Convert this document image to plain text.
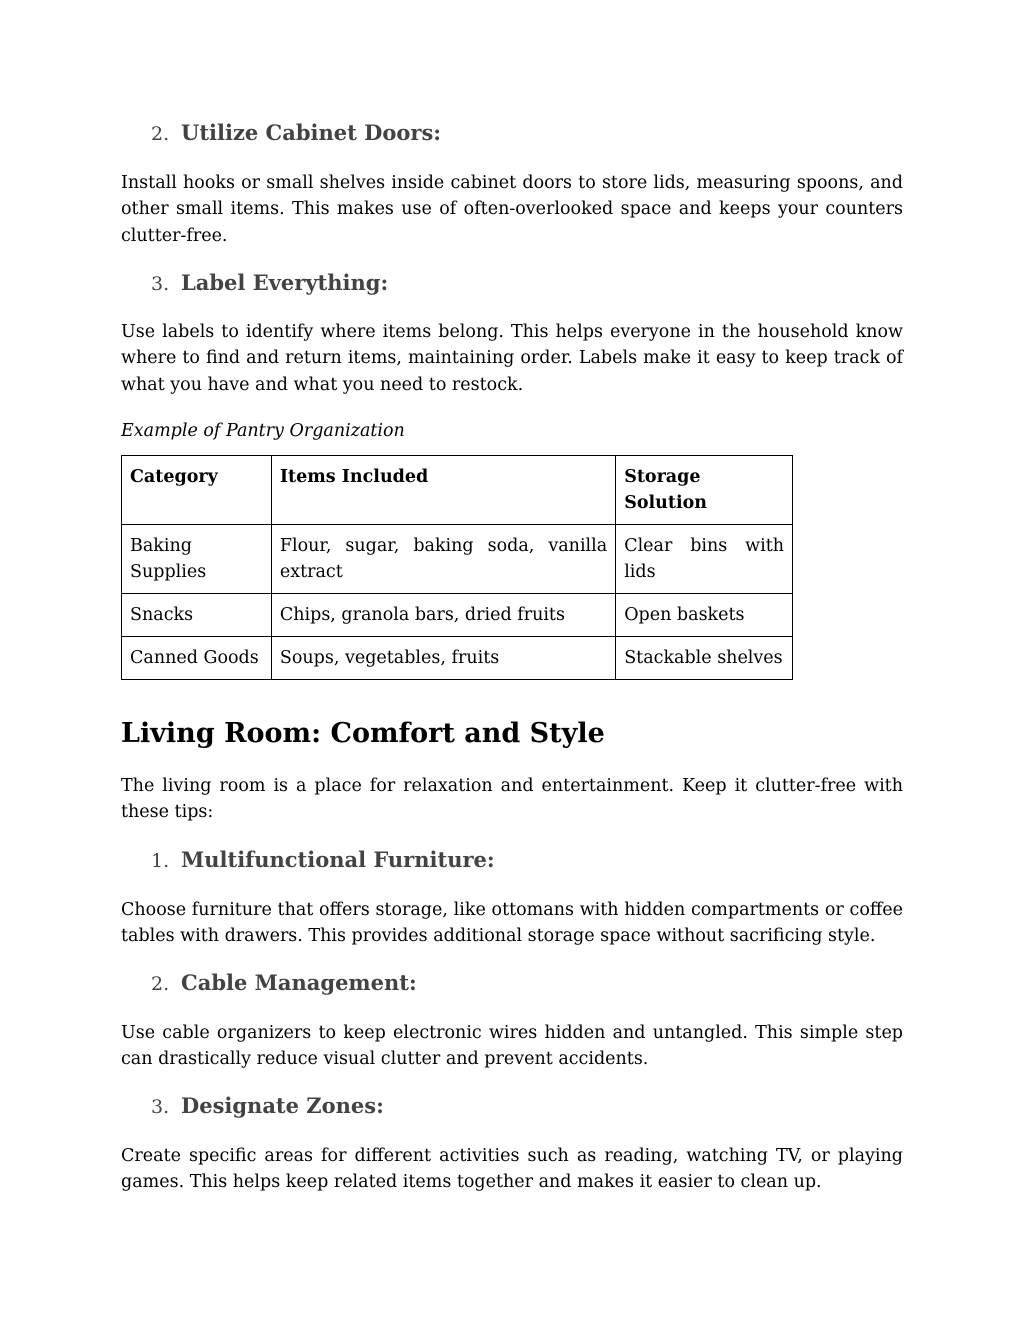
2. Utilize Cabinet Doors:
Install hooks or small shelves inside cabinet doors to store lids, measuring spoons, and other small items. This makes use of often-overlooked space and keeps your counters clutter-free.
3. Label Everything:
Use labels to identify where items belong. This helps everyone in the household know where to find and return items, maintaining order. Labels make it easy to keep track of what you have and what you need to restock.
Example of Pantry Organization
Category	Items Included	Storage Solution
Baking Supplies	Flour, sugar, baking soda, vanilla extract	Clear bins with lids
Snacks	Chips, granola bars, dried fruits	Open baskets
Canned Goods	Soups, vegetables, fruits	Stackable shelves
Living Room: Comfort and Style
The living room is a place for relaxation and entertainment. Keep it clutter-free with these tips:
1. Multifunctional Furniture:
Choose furniture that offers storage, like ottomans with hidden compartments or coffee tables with drawers. This provides additional storage space without sacrificing style.
2. Cable Management:
Use cable organizers to keep electronic wires hidden and untangled. This simple step can drastically reduce visual clutter and prevent accidents.
3. Designate Zones:
Create specific areas for different activities such as reading, watching TV, or playing games. This helps keep related items together and makes it easier to clean up.
